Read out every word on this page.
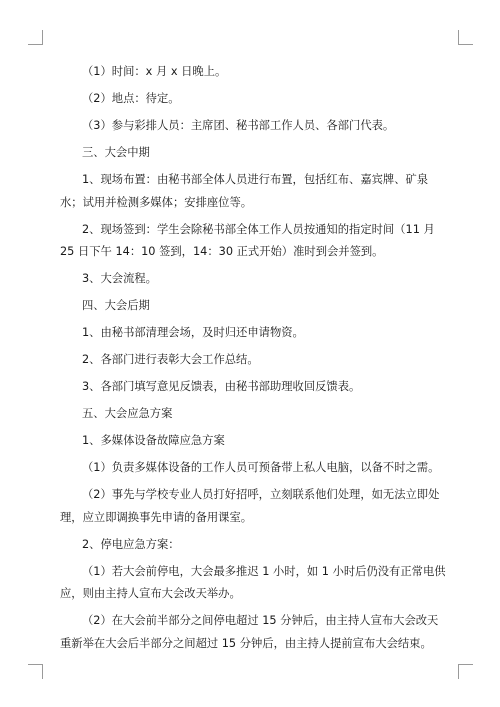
（1）时间：x 月 x 日晚上。

（2）地点：待定。

（3）参与彩排人员：主席团、秘书部工作人员、各部门代表。

三、大会中期

1、现场布置：由秘书部全体人员进行布置，包括红布、嘉宾牌、矿泉水；试用并检测多媒体；安排座位等。

2、现场签到：学生会除秘书部全体工作人员按通知的指定时间（11 月 25 日下午 14：10 签到，14：30 正式开始）准时到会并签到。

3、大会流程。

四、大会后期

1、由秘书部清理会场，及时归还申请物资。

2、各部门进行表彰大会工作总结。

3、各部门填写意见反馈表，由秘书部助理收回反馈表。

五、大会应急方案

1、多媒体设备故障应急方案

（1）负责多媒体设备的工作人员可预备带上私人电脑，以备不时之需。

（2）事先与学校专业人员打好招呼，立刻联系他们处理，如无法立即处理，应立即调换事先申请的备用课室。

2、停电应急方案：

（1）若大会前停电，大会最多推迟 1 小时，如 1 小时后仍没有正常电供应，则由主持人宣布大会改天举办。

（2）在大会前半部分之间停电超过 15 分钟后，由主持人宣布大会改天重新举在大会后半部分之间超过 15 分钟后，由主持人提前宣布大会结束。
